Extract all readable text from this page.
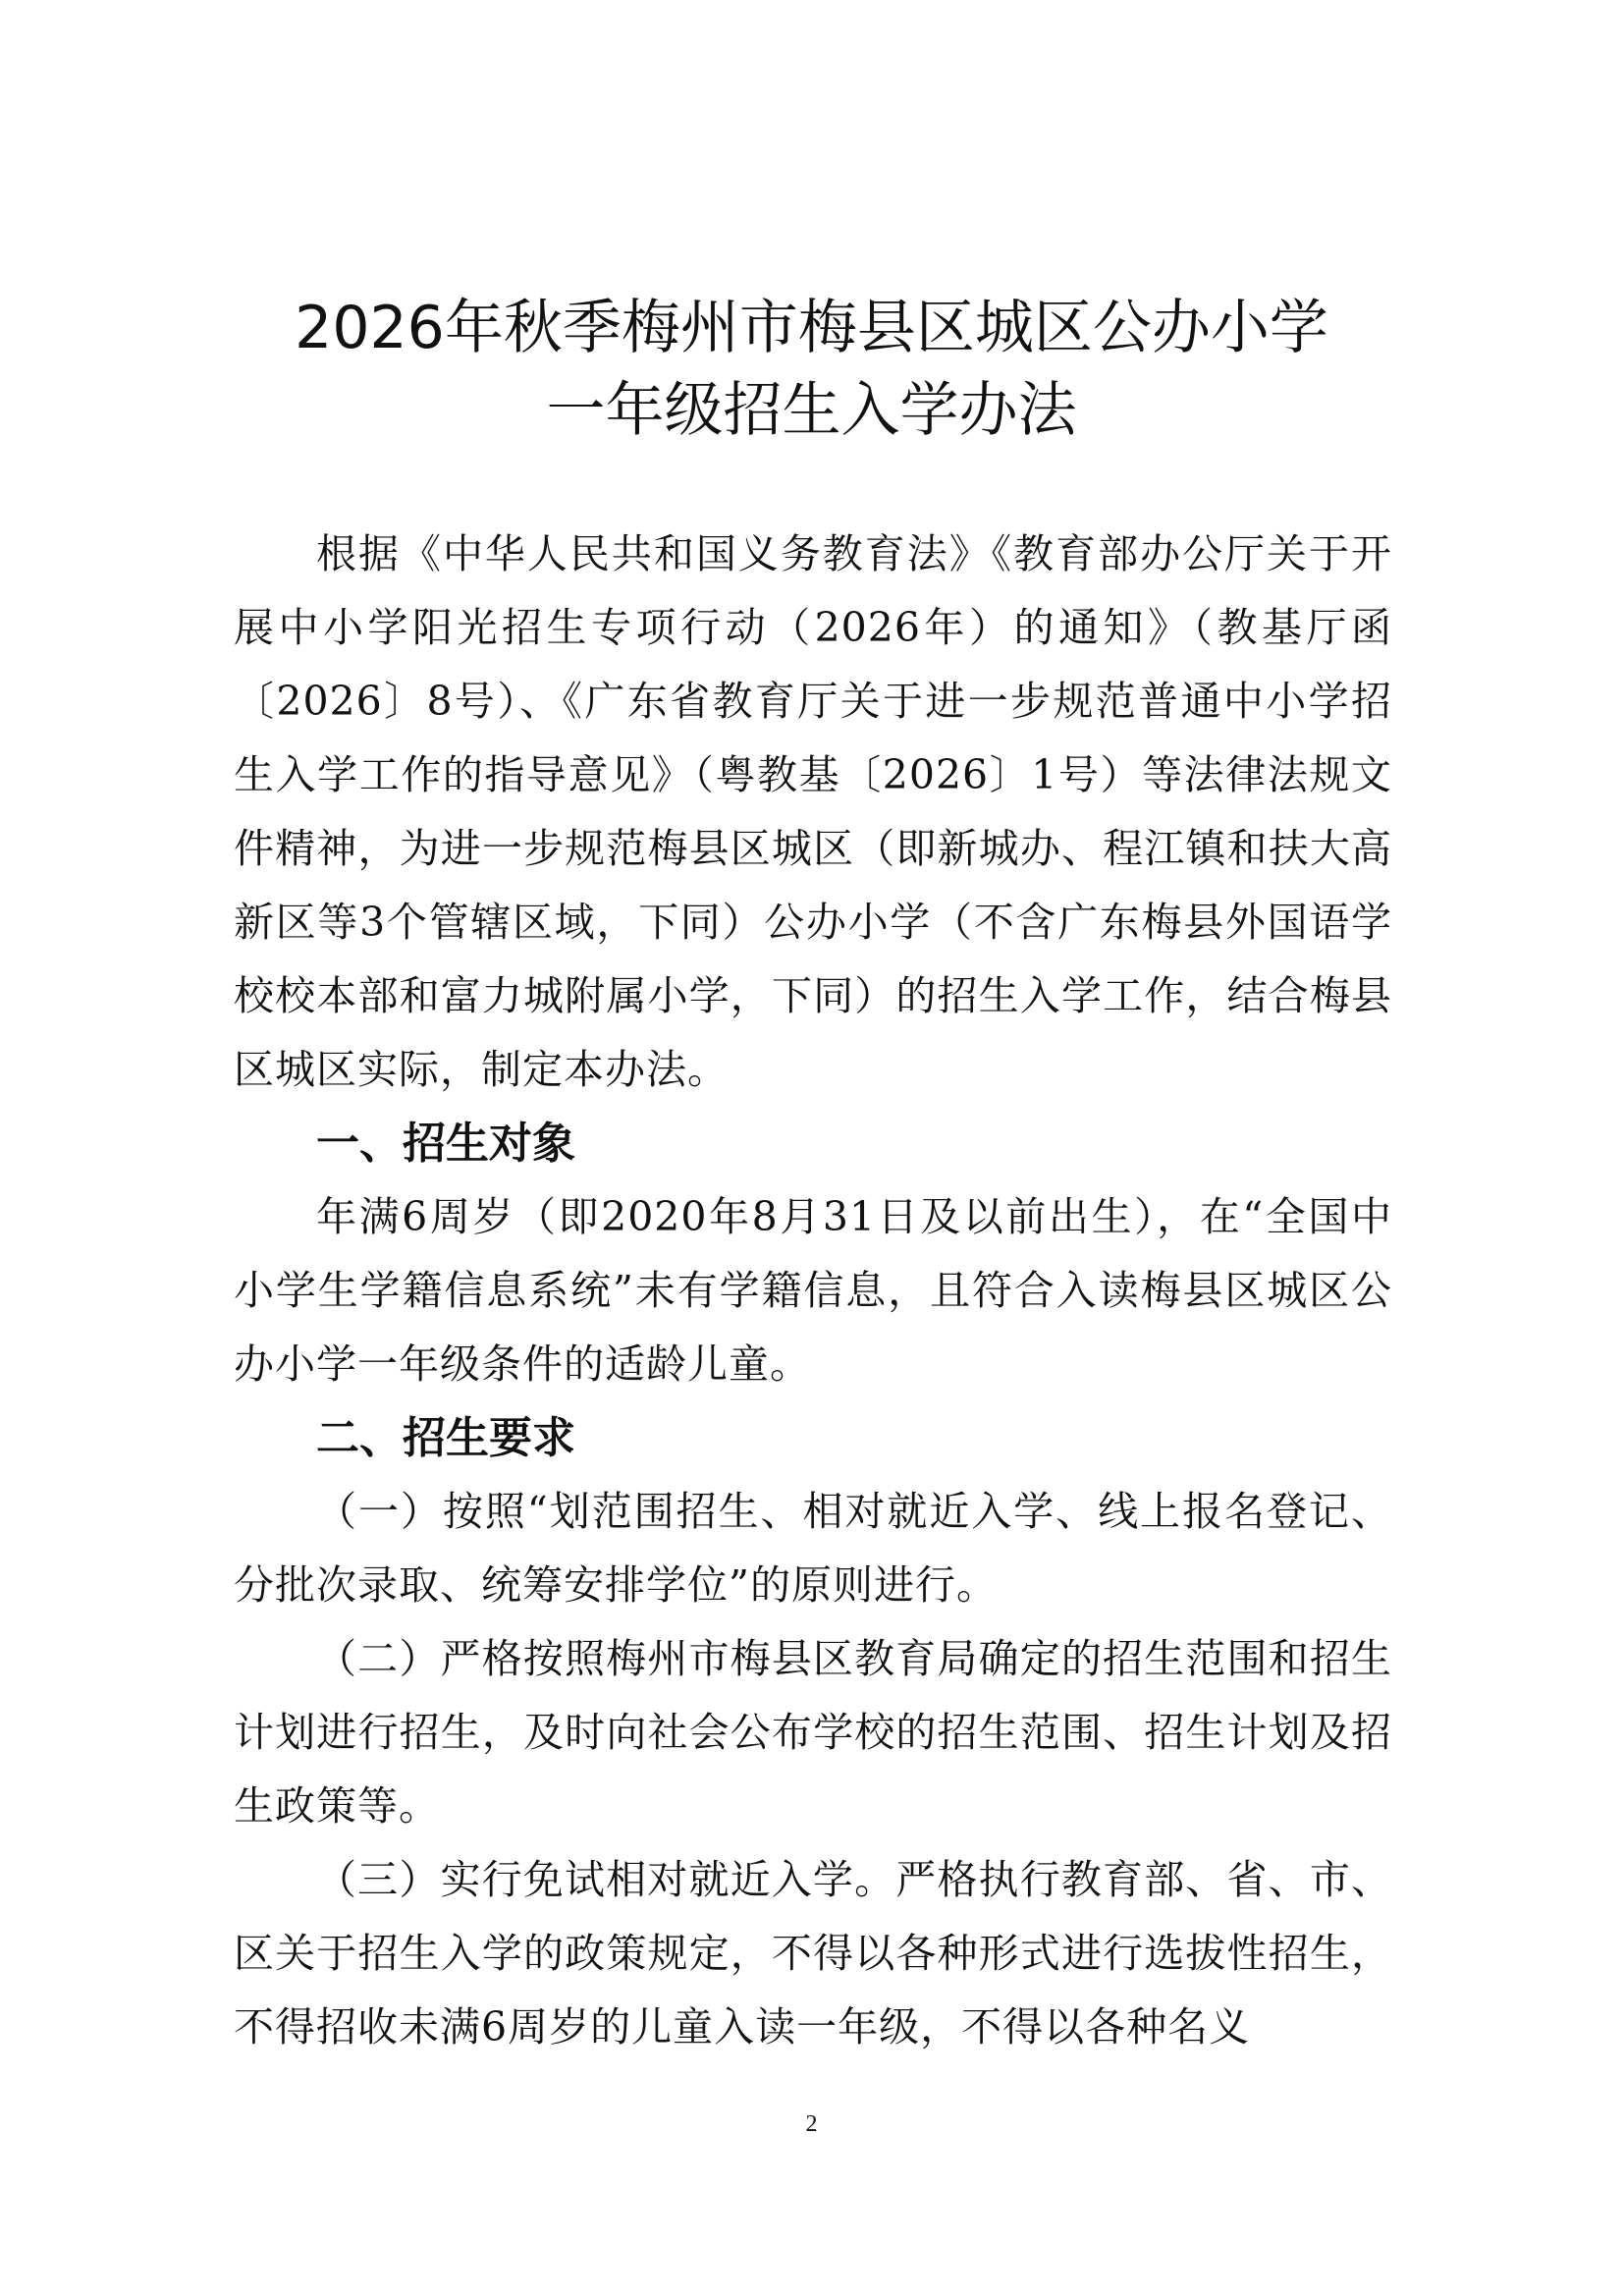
2026年秋季梅州市梅县区城区公办小学
一年级招生入学办法

根据《中华人民共和国义务教育法》《教育部办公厅关于开展中小学阳光招生专项行动（2026年）的通知》（教基厅函〔2026〕8号）、《广东省教育厅关于进一步规范普通中小学招生入学工作的指导意见》（粤教基〔2026〕1号）等法律法规文件精神，为进一步规范梅县区城区（即新城办、程江镇和扶大高新区等3个管辖区域，下同）公办小学（不含广东梅县外国语学校校本部和富力城附属小学，下同）的招生入学工作，结合梅县区城区实际，制定本办法。

一、招生对象

年满6周岁（即2020年8月31日及以前出生），在“全国中小学生学籍信息系统”未有学籍信息，且符合入读梅县区城区公办小学一年级条件的适龄儿童。

二、招生要求

（一）按照“划范围招生、相对就近入学、线上报名登记、分批次录取、统筹安排学位”的原则进行。

（二）严格按照梅州市梅县区教育局确定的招生范围和招生计划进行招生，及时向社会公布学校的招生范围、招生计划及招生政策等。

（三）实行免试相对就近入学。严格执行教育部、省、市、区关于招生入学的政策规定，不得以各种形式进行选拔性招生，不得招收未满6周岁的儿童入读一年级，不得以各种名义

2
